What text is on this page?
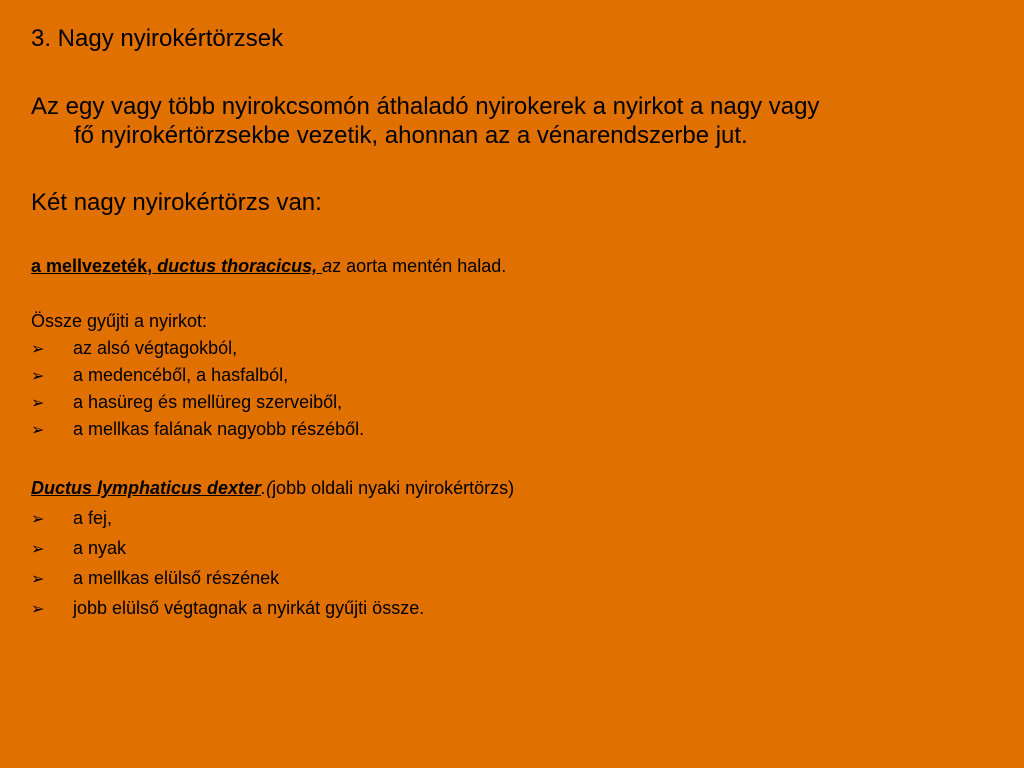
3. Nagy nyirokértörzsek
Az egy vagy több nyirokcsomón áthaladó nyirokerek a nyirkot a nagy vagy
fő nyirokértörzsekbe vezetik, ahonnan az a vénarendszerbe jut.
Két nagy nyirokértörzs van:
a mellvezeték, ductus thoracicus, az aorta mentén halad.
Össze gyűjti a nyirkot:
➢ az alsó végtagokból,
➢ a medencéből, a hasfalból,
➢ a hasüreg és mellüreg szerveiből,
➢ a mellkas falának nagyobb részéből.
Ductus lymphaticus dexter.(jobb oldali nyaki nyirokértörzs)
➢ a fej,
➢ a nyak
➢ a mellkas elülső részének
➢ jobb elülső végtagnak a nyirkát gyűjti össze.
